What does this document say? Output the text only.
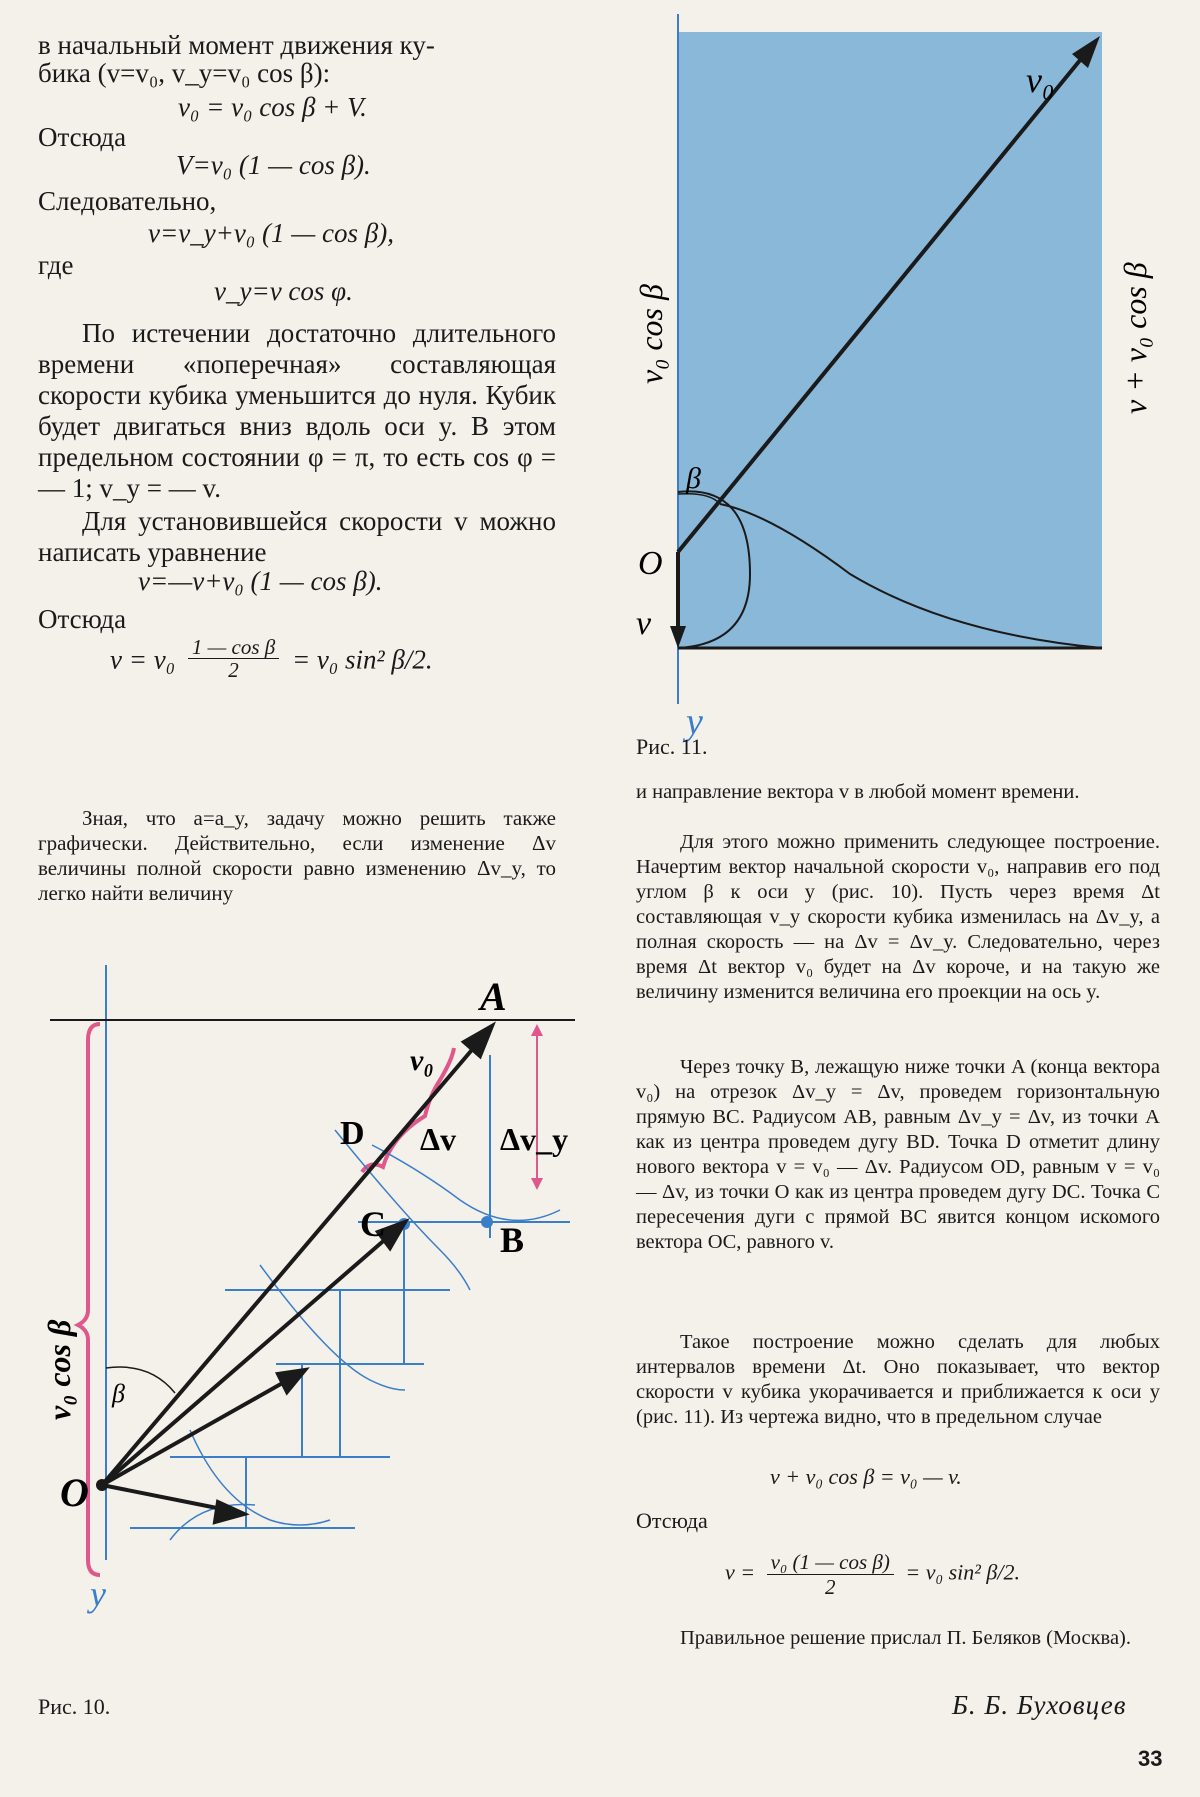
в начальный момент движения ку-
бика (v=v₀, v_y=v₀ cos β):
v₀ = v₀ cos β + V.
Отсюда
V=v₀ (1 — cos β).
Следовательно,
v=v_y+v₀ (1 — cos β),
где
v_y=v cos φ.

По истечении достаточно длительного времени «поперечная» составляющая скорости кубика уменьшится до нуля. Кубик будет двигаться вниз вдоль оси y. В этом предельном состоянии φ = π, то есть cos φ = — 1; v_y = — v.

Для установившейся скорости v можно написать уравнение

v=—v+v₀ (1 — cos β).
Отсюда
$v = v_0 \frac{\text{1 — cos β}}{2} = v_0$ sin² β/2.

Зная, что a=a_y, задачу можно решить также графически. Действительно, если изменение Δv величины полной скорости равно изменению Δv_y, то легко найти величину

A
B
C
D
O
y
v₀
Δv Δv_y
β
v₀ cos β
Рис. 10.
v₀
O
v
y
β
v₀ cos β	v + v₀ cos β
Рис. 11.

и направление вектора v в любой момент времени.

Для этого можно применить следующее построение. Начертим вектор начальной скорости v₀, направив его под углом β к оси y (рис. 10). Пусть через время Δt составляющая v_y скорости кубика изменилась на Δv_y, а полная скорость — на Δv = Δv_y. Следовательно, через время Δt вектор v₀ будет на Δv короче, и на такую же величину изменится величина его проекции на ось y.

Через точку B, лежащую ниже точки A (конца вектора v₀) на отрезок Δv_y = Δv, проведем горизонтальную прямую BC. Радиусом AB, равным Δv_y = Δv, из точки A как из центра проведем дугу BD. Точка D отметит длину нового вектора v = v₀ — Δv. Радиусом OD, равным v = v₀ — Δv, из точки O как из центра проведем дугу DC. Точка C пересечения дуги с прямой BC явится концом искомого вектора OC, равного v.

Такое построение можно сделать для любых интервалов времени Δt. Оно показывает, что вектор скорости v кубика укорачивается и приближается к оси y (рис. 11). Из чертежа видно, что в предельном случае

v + v₀ cos β = v₀ — v.
Отсюда
$v = \frac{\text{v₀ (1 — cos β)}}{2} = v_0$ sin² β/2.

Правильное решение прислал П. Беляков (Москва).

Б. Б. Буховцев
33
